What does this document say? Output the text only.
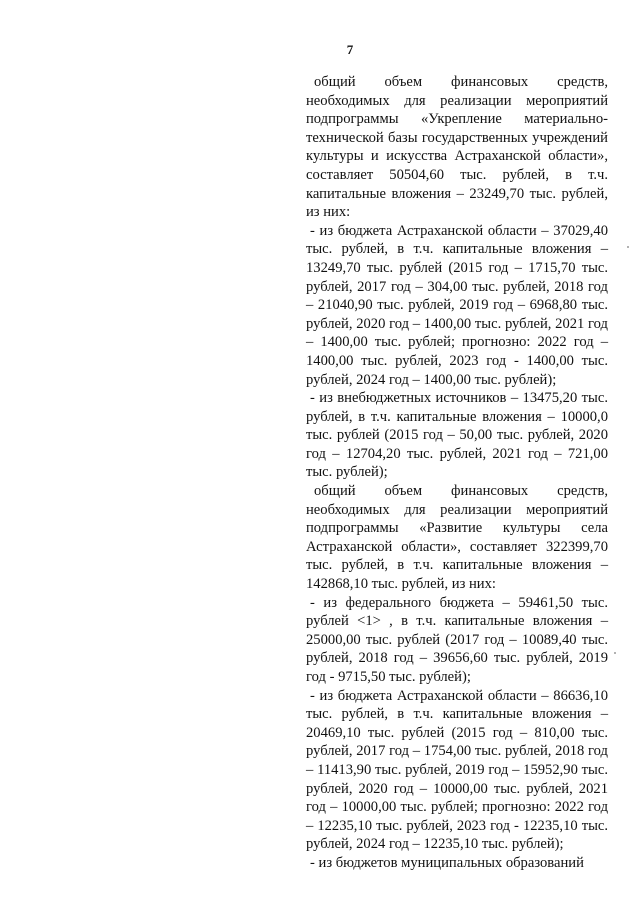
7

общий объем финансовых средств, необходимых для реализации мероприятий подпрограммы «Укрепление материально-технической базы государственных учреждений культуры и искусства Астраханской области», составляет 50504,60 тыс. рублей, в т.ч. капитальные вложения – 23249,70 тыс. рублей, из них:

- из бюджета Астраханской области – 37029,40 тыс. рублей, в т.ч. капитальные вложения – 13249,70 тыс. рублей (2015 год – 1715,70 тыс. рублей, 2017 год – 304,00 тыс. рублей, 2018 год – 21040,90 тыс. рублей, 2019 год – 6968,80 тыс. рублей, 2020 год – 1400,00 тыс. рублей, 2021 год – 1400,00 тыс. рублей; прогнозно: 2022 год – 1400,00 тыс. рублей, 2023 год - 1400,00 тыс. рублей, 2024 год – 1400,00 тыс. рублей);

- из внебюджетных источников – 13475,20 тыс. рублей, в т.ч. капитальные вложения – 10000,0 тыс. рублей (2015 год – 50,00 тыс. рублей, 2020 год – 12704,20 тыс. рублей, 2021 год – 721,00 тыс. рублей);

общий объем финансовых средств, необходимых для реализации мероприятий подпрограммы «Развитие культуры села Астраханской области», составляет 322399,70 тыс. рублей, в т.ч. капитальные вложения – 142868,10 тыс. рублей, из них:

- из федерального бюджета – 59461,50 тыс. рублей <1> , в т.ч. капитальные вложения – 25000,00 тыс. рублей (2017 год – 10089,40 тыс. рублей, 2018 год – 39656,60 тыс. рублей, 2019 год - 9715,50 тыс. рублей);

- из бюджета Астраханской области – 86636,10 тыс. рублей, в т.ч. капитальные вложения – 20469,10 тыс. рублей (2015 год – 810,00 тыс. рублей, 2017 год – 1754,00 тыс. рублей, 2018 год – 11413,90 тыс. рублей, 2019 год – 15952,90 тыс. рублей, 2020 год – 10000,00 тыс. рублей, 2021 год – 10000,00 тыс. рублей; прогнозно: 2022 год – 12235,10 тыс. рублей, 2023 год - 12235,10 тыс. рублей, 2024 год – 12235,10 тыс. рублей);

- из бюджетов муниципальных образований
